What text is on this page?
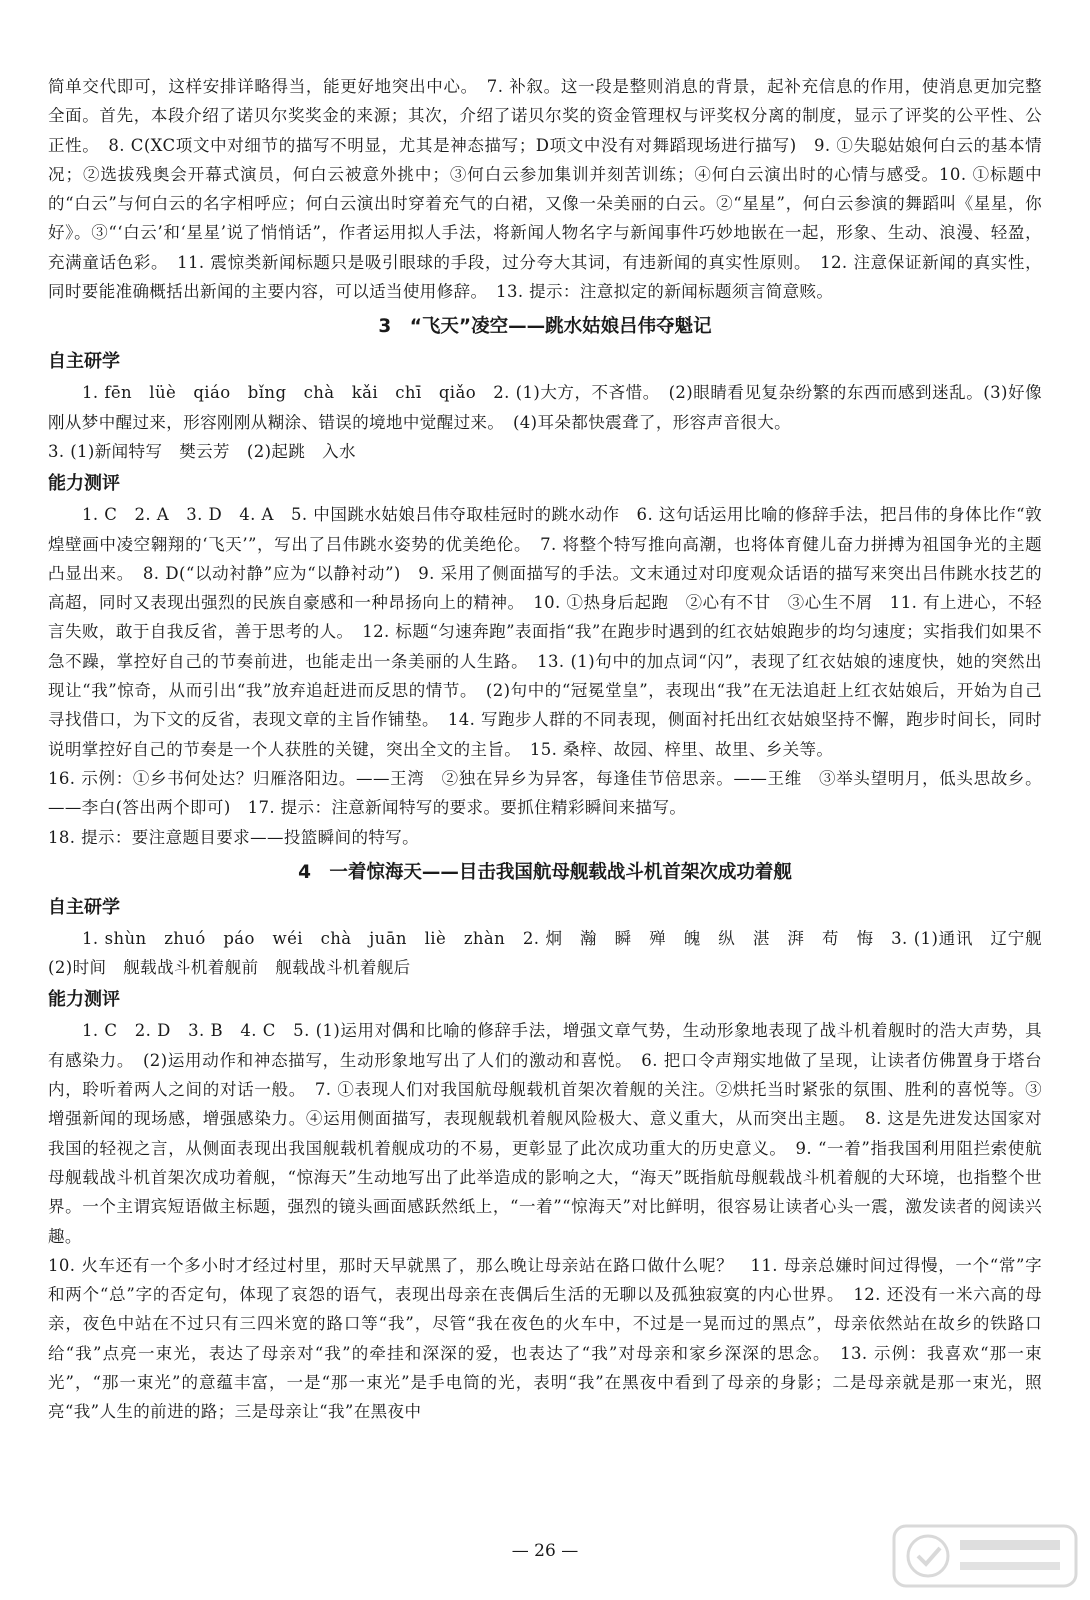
简单交代即可，这样安排详略得当，能更好地突出中心。　7. 补叙。这一段是整则消息的背景，起补充信息的作用，使消息更加完整全面。首先，本段介绍了诺贝尔奖奖金的来源；其次，介绍了诺贝尔奖的资金管理权与评奖权分离的制度，显示了评奖的公平性、公正性。　8. C(XC项文中对细节的描写不明显，尤其是神态描写；D项文中没有对舞蹈现场进行描写)　9. ①失聪姑娘何白云的基本情况；②选拔残奥会开幕式演员，何白云被意外挑中；③何白云参加集训并刻苦训练；④何白云演出时的心情与感受。10. ①标题中的“白云”与何白云的名字相呼应；何白云演出时穿着充气的白裙，又像一朵美丽的白云。②“星星”，何白云参演的舞蹈叫《星星，你好》。③“‘白云’和‘星星’说了悄悄话”，作者运用拟人手法，将新闻人物名字与新闻事件巧妙地嵌在一起，形象、生动、浪漫、轻盈，充满童话色彩。　11. 震惊类新闻标题只是吸引眼球的手段，过分夸大其词，有违新闻的真实性原则。　12. 注意保证新闻的真实性，同时要能准确概括出新闻的主要内容，可以适当使用修辞。　13. 提示：注意拟定的新闻标题须言简意赅。

3　“飞天”凌空——跳水姑娘吕伟夺魁记
自主研学

1. fēn　lüè　qiáo　bǐng　chà　kǎi　chī　qiǎo　2. (1)大方，不吝惜。　(2)眼睛看见复杂纷繁的东西而感到迷乱。(3)好像刚从梦中醒过来，形容刚刚从糊涂、错误的境地中觉醒过来。　(4)耳朵都快震聋了，形容声音很大。

3. (1)新闻特写　樊云芳　(2)起跳　入水

能力测评

1. C　2. A　3. D　4. A　5. 中国跳水姑娘吕伟夺取桂冠时的跳水动作　6. 这句话运用比喻的修辞手法，把吕伟的身体比作“敦煌壁画中凌空翱翔的‘飞天’”，写出了吕伟跳水姿势的优美绝伦。　7. 将整个特写推向高潮，也将体育健儿奋力拼搏为祖国争光的主题凸显出来。　8. D(“以动衬静”应为“以静衬动”)　9. 采用了侧面描写的手法。文末通过对印度观众话语的描写来突出吕伟跳水技艺的高超，同时又表现出强烈的民族自豪感和一种昂扬向上的精神。　10. ①热身后起跑　②心有不甘　③心生不屑　11. 有上进心，不轻言失败，敢于自我反省，善于思考的人。　12. 标题“匀速奔跑”表面指“我”在跑步时遇到的红衣姑娘跑步的均匀速度；实指我们如果不急不躁，掌控好自己的节奏前进，也能走出一条美丽的人生路。　13. (1)句中的加点词“闪”，表现了红衣姑娘的速度快，她的突然出现让“我”惊奇，从而引出“我”放弃追赶进而反思的情节。　(2)句中的“冠冕堂皇”，表现出“我”在无法追赶上红衣姑娘后，开始为自己寻找借口，为下文的反省，表现文章的主旨作铺垫。　14. 写跑步人群的不同表现，侧面衬托出红衣姑娘坚持不懈，跑步时间长，同时说明掌控好自己的节奏是一个人获胜的关键，突出全文的主旨。　15. 桑梓、故园、梓里、故里、乡关等。

16. 示例：①乡书何处达？归雁洛阳边。——王湾　②独在异乡为异客，每逢佳节倍思亲。——王维　③举头望明月，低头思故乡。——李白(答出两个即可)　17. 提示：注意新闻特写的要求。要抓住精彩瞬间来描写。

18. 提示：要注意题目要求——投篮瞬间的特写。

4　一着惊海天——目击我国航母舰载战斗机首架次成功着舰
自主研学

1. shùn　zhuó　páo　wéi　chà　juān　liè　zhàn　2. 炯　瀚　瞬　殚　魄　纵　湛　湃　苟　悔　3. (1)通讯　辽宁舰　(2)时间　舰载战斗机着舰前　舰载战斗机着舰后

能力测评

1. C　2. D　3. B　4. C　5. (1)运用对偶和比喻的修辞手法，增强文章气势，生动形象地表现了战斗机着舰时的浩大声势，具有感染力。　(2)运用动作和神态描写，生动形象地写出了人们的激动和喜悦。　6. 把口令声翔实地做了呈现，让读者仿佛置身于塔台内，聆听着两人之间的对话一般。　7. ①表现人们对我国航母舰载机首架次着舰的关注。②烘托当时紧张的氛围、胜利的喜悦等。③增强新闻的现场感，增强感染力。④运用侧面描写，表现舰载机着舰风险极大、意义重大，从而突出主题。　8. 这是先进发达国家对我国的轻视之言，从侧面表现出我国舰载机着舰成功的不易，更彰显了此次成功重大的历史意义。　9. “一着”指我国利用阻拦索使航母舰载战斗机首架次成功着舰，“惊海天”生动地写出了此举造成的影响之大，“海天”既指航母舰载战斗机着舰的大环境，也指整个世界。一个主谓宾短语做主标题，强烈的镜头画面感跃然纸上，“一着”“惊海天”对比鲜明，很容易让读者心头一震，激发读者的阅读兴趣。

10. 火车还有一个多小时才经过村里，那时天早就黑了，那么晚让母亲站在路口做什么呢？　11. 母亲总嫌时间过得慢，一个“常”字和两个“总”字的否定句，体现了哀怨的语气，表现出母亲在丧偶后生活的无聊以及孤独寂寞的内心世界。　12. 还没有一米六高的母亲，夜色中站在不过只有三四米宽的路口等“我”，尽管“我在夜色的火车中，不过是一晃而过的黑点”，母亲依然站在故乡的铁路口给“我”点亮一束光，表达了母亲对“我”的牵挂和深深的爱，也表达了“我”对母亲和家乡深深的思念。　13. 示例：我喜欢“那一束光”，“那一束光”的意蕴丰富，一是“那一束光”是手电筒的光，表明“我”在黑夜中看到了母亲的身影；二是母亲就是那一束光，照亮“我”人生的前进的路；三是母亲让“我”在黑夜中

— 26 —
